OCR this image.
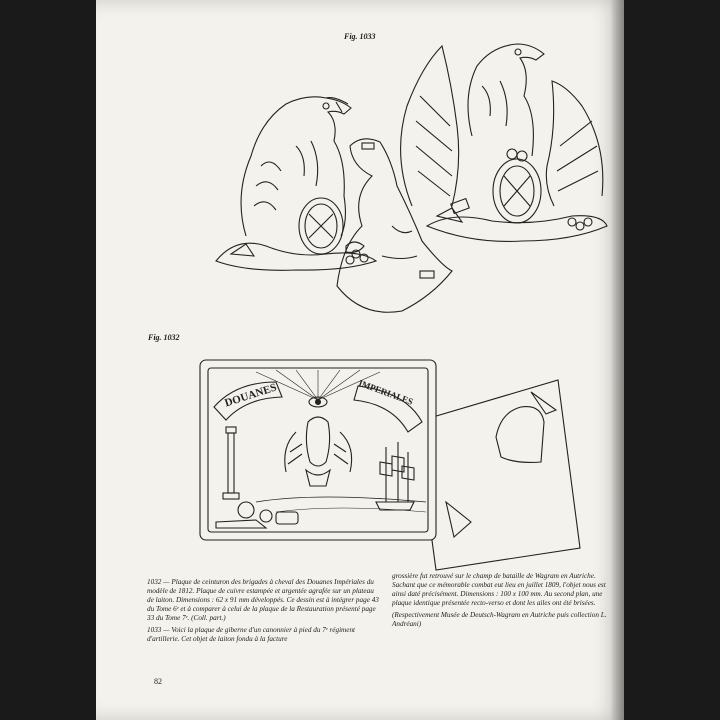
Fig. 1033
Fig. 1032
DOUANES	IMPERIALES

1032 — Plaque de ceinturon des brigades à cheval des Douanes Impériales du modèle de 1812. Plaque de cuivre estampée et argentée agrafée sur un plateau de laiton. Dimensions : 62 x 91 mm développés. Ce dessin est à intégrer page 43 du Tome 6ᵉ et à comparer à celui de la plaque de la Restauration présenté page 33 du Tome 7ᵉ. (Coll. part.)

1033 — Voici la plaque de giberne d'un canonnier à pied du 7ᵉ régiment d'artillerie. Cet objet de laiton fondu à la facture

grossière fut retrouvé sur le champ de bataille de Wagram en Autriche. Sachant que ce mémorable combat eut lieu en juillet 1809, l'objet nous est ainsi daté précisément. Dimensions : 100 x 100 mm. Au second plan, une plaque identique présentée recto-verso et dont les ailes ont été brisées.

(Respectivement Musée de Deutsch-Wagram en Autriche puis collection L. Andréani)

82
